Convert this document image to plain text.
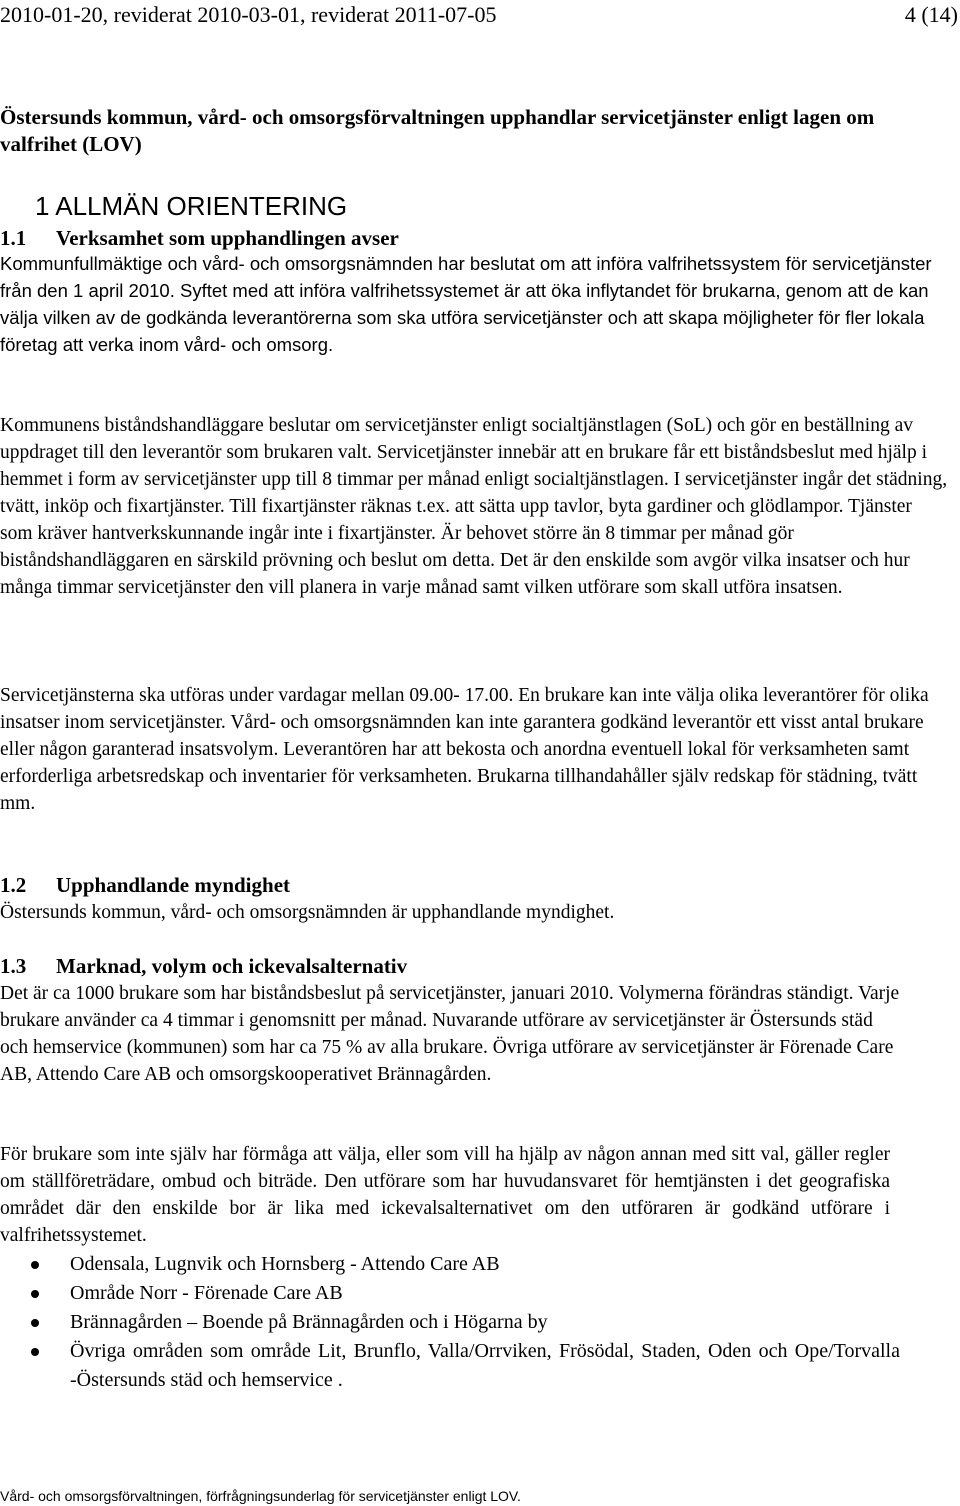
2010-01-20, reviderat 2010-03-01, reviderat 2011-07-05	4 (14)
Östersunds kommun, vård- och omsorgsförvaltningen upphandlar servicetjänster enligt lagen om valfrihet (LOV)
1 ALLMÄN ORIENTERING
1.1 Verksamhet som upphandlingen avser
Kommunfullmäktige och vård- och omsorgsnämnden har beslutat om att införa valfrihetssystem för servicetjänster från den 1 april 2010. Syftet med att införa valfrihetssystemet är att öka inflytandet för brukarna, genom att de kan välja vilken av de godkända leverantörerna som ska utföra servicetjänster och att skapa möjligheter för fler lokala företag att verka inom vård- och omsorg.
Kommunens biståndshandläggare beslutar om servicetjänster enligt socialtjänstlagen (SoL) och gör en beställning av uppdraget till den leverantör som brukaren valt. Servicetjänster innebär att en brukare får ett biståndsbeslut med hjälp i hemmet i form av servicetjänster upp till 8 timmar per månad enligt socialtjänstlagen. I servicetjänster ingår det städning, tvätt, inköp och fixartjänster. Till fixartjänster räknas t.ex. att sätta upp tavlor, byta gardiner och glödlampor. Tjänster som kräver hantverkskunnande ingår inte i fixartjänster. Är behovet större än 8 timmar per månad gör biståndshandläggaren en särskild prövning och beslut om detta. Det är den enskilde som avgör vilka insatser och hur många timmar servicetjänster den vill planera in varje månad samt vilken utförare som skall utföra insatsen.
Servicetjänsterna ska utföras under vardagar mellan 09.00- 17.00. En brukare kan inte välja olika leverantörer för olika insatser inom servicetjänster. Vård- och omsorgsnämnden kan inte garantera godkänd leverantör ett visst antal brukare eller någon garanterad insatsvolym. Leverantören har att bekosta och anordna eventuell lokal för verksamheten samt erforderliga arbetsredskap och inventarier för verksamheten. Brukarna tillhandahåller själv redskap för städning, tvätt mm.
1.2 Upphandlande myndighet
Östersunds kommun, vård- och omsorgsnämnden är upphandlande myndighet.
1.3 Marknad, volym och ickevalsalternativ
Det är ca 1000 brukare som har biståndsbeslut på servicetjänster, januari 2010. Volymerna förändras ständigt. Varje brukare använder ca 4 timmar i genomsnitt per månad. Nuvarande utförare av servicetjänster är Östersunds städ och hemservice (kommunen) som har ca 75 % av alla brukare. Övriga utförare av servicetjänster är Förenade Care AB, Attendo Care AB och omsorgskooperativet Brännagården.
För brukare som inte själv har förmåga att välja, eller som vill ha hjälp av någon annan med sitt val, gäller regler om ställföreträdare, ombud och biträde. Den utförare som har huvudansvaret för hemtjänsten i det geografiska området där den enskilde bor är lika med ickevalsalternativet om den utföraren är godkänd utförare i valfrihetssystemet.
Odensala, Lugnvik och Hornsberg - Attendo Care AB
Område Norr - Förenade Care AB
Brännagården – Boende på Brännagården och i Högarna by
Övriga områden som område Lit, Brunflo, Valla/Orrviken, Frösödal, Staden, Oden och Ope/Torvalla -Östersunds städ och hemservice .
Vård- och omsorgsförvaltningen, förfrågningsunderlag för servicetjänster enligt LOV.
